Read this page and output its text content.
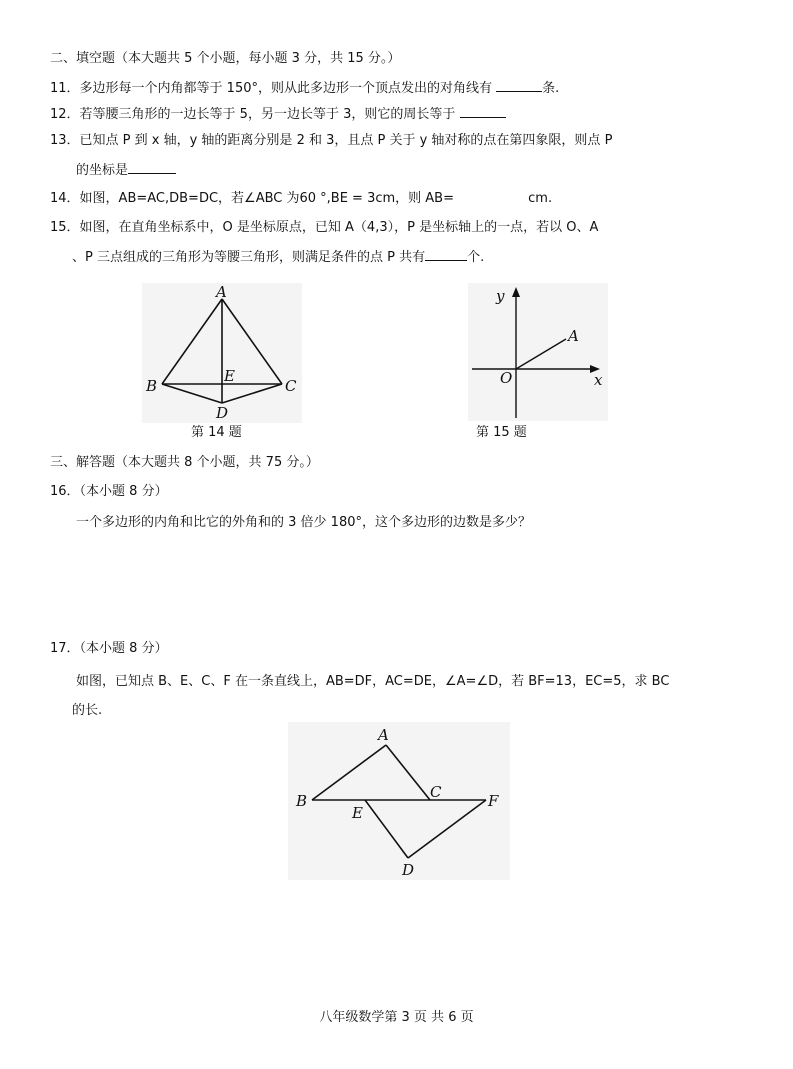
二、填空题（本大题共 5 个小题，每小题 3 分，共 15 分。）
11．多边形每一个内角都等于 150°，则从此多边形一个顶点发出的对角线有	条.
12．若等腰三角形的一边长等于 5，另一边长等于 3，则它的周长等于
13．已知点 P 到 x 轴，y 轴的距离分别是 2 和 3，且点 P 关于 y 轴对称的点在第四象限，则点 P
的坐标是
14．如图，AB=AC,DB=DC，若∠ABC 为60 °,BE = 3cm，则 AB=	cm.
15．如图，在直角坐标系中，O 是坐标原点，已知 A（4,3），P 是坐标轴上的一点，若以 O、A
、P 三点组成的三角形为等腰三角形，则满足条件的点 P 共有	个.
A
B	C
D
E
第 14 题
y
x
O
A
第 15 题
三、解答题（本大题共 8 个小题，共 75 分。）
16．（本小题 8 分）
一个多边形的内角和比它的外角和的 3 倍少 180°，这个多边形的边数是多少？
17．（本小题 8 分）
如图，已知点 B、E、C、F 在一条直线上，AB=DF，AC=DE，∠A=∠D，若 BF=13，EC=5，求 BC
的长.
A
B	C	F
E
D
八年级数学第 3 页 共 6 页
